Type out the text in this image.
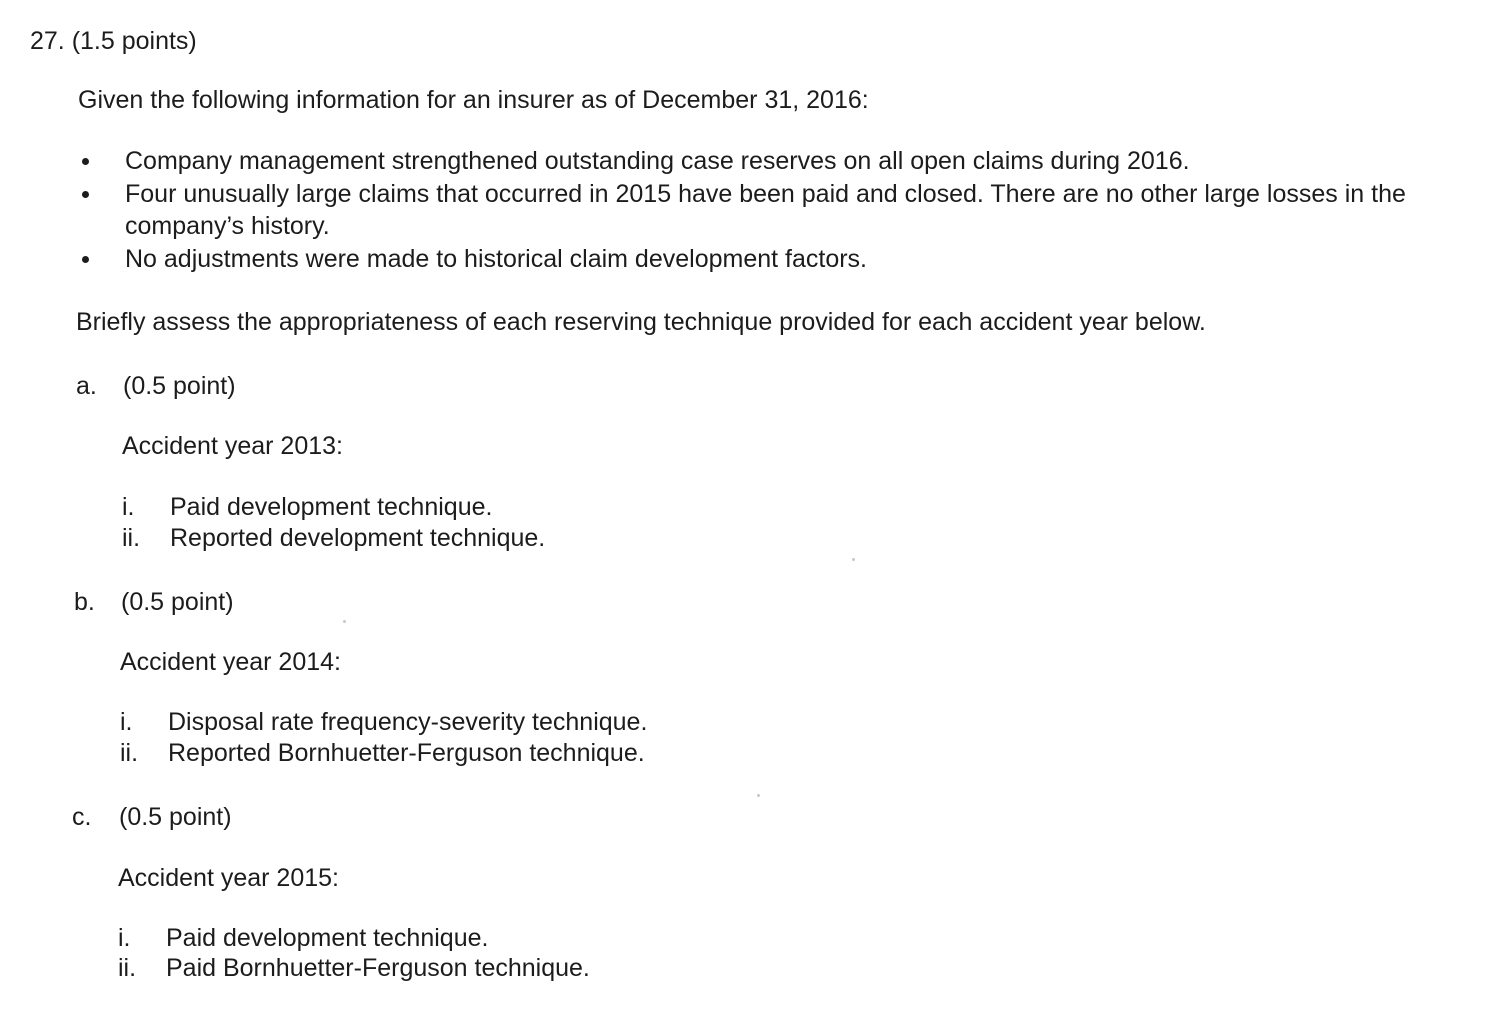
27. (1.5 points)
Given the following information for an insurer as of December 31, 2016:
Company management strengthened outstanding case reserves on all open claims during 2016.
Four unusually large claims that occurred in 2015 have been paid and closed. There are no other large losses in the company’s history.
No adjustments were made to historical claim development factors.
Briefly assess the appropriateness of each reserving technique provided for each accident year below.
a. (0.5 point)
Accident year 2013:
i. Paid development technique.
ii. Reported development technique.
b. (0.5 point)
Accident year 2014:
i. Disposal rate frequency-severity technique.
ii. Reported Bornhuetter-Ferguson technique.
c. (0.5 point)
Accident year 2015:
i. Paid development technique.
ii. Paid Bornhuetter-Ferguson technique.
